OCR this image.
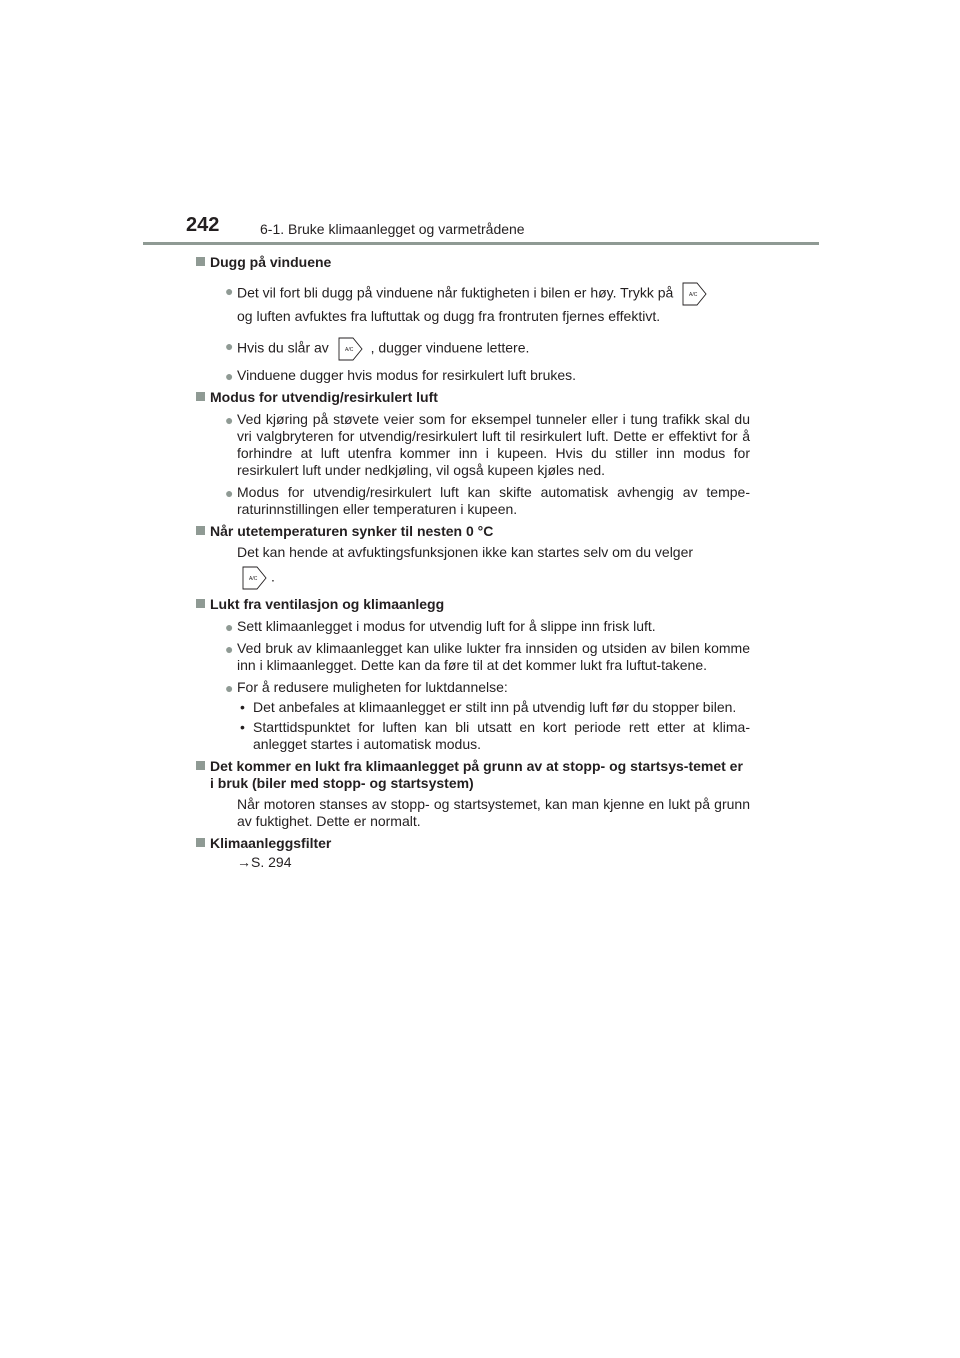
242	6-1. Bruke klimaanlegget og varmetrådene
Dugg på vinduene
● Det vil fort bli dugg på vinduene når fuktigheten i bilen er høy. Trykk på	A/C

og luften avfuktes fra luftuttak og dugg fra frontruten fjernes effektivt.
● Hvis du slår av	A/C , dugger vinduene lettere.
● Vinduene dugger hvis modus for resirkulert luft brukes.
Modus for utvendig/resirkulert luft
● Ved kjøring på støvete veier som for eksempel tunneler eller i tung trafikk skal du vri valgbryteren for utvendig/resirkulert luft til resirkulert luft. Dette er effektivt for å forhindre at luft utenfra kommer inn i kupeen. Hvis du stiller inn modus for resirkulert luft under nedkjøling, vil også kupeen kjøles ned.
● Modus for utvendig/resirkulert luft kan skifte automatisk avhengig av tempe-raturinnstillingen eller temperaturen i kupeen.
Når utetemperaturen synker til nesten 0 °C
Det kan hende at avfuktingsfunksjonen ikke kan startes selv om du velger
A/C .
Lukt fra ventilasjon og klimaanlegg
● Sett klimaanlegget i modus for utvendig luft for å slippe inn frisk luft.
● Ved bruk av klimaanlegget kan ulike lukter fra innsiden og utsiden av bilen komme inn i klimaanlegget. Dette kan da føre til at det kommer lukt fra luftut-takene.
● For å redusere muligheten for luktdannelse:
• Det anbefales at klimaanlegget er stilt inn på utvendig luft før du stopper bilen.
• Starttidspunktet for luften kan bli utsatt en kort periode rett etter at klima-anlegget startes i automatisk modus.
Det kommer en lukt fra klimaanlegget på grunn av at stopp- og startsys-temet er i bruk (biler med stopp- og startsystem)
Når motoren stanses av stopp- og startsystemet, kan man kjenne en lukt på grunn av fuktighet. Dette er normalt.
Klimaanleggsfilter
→S. 294
